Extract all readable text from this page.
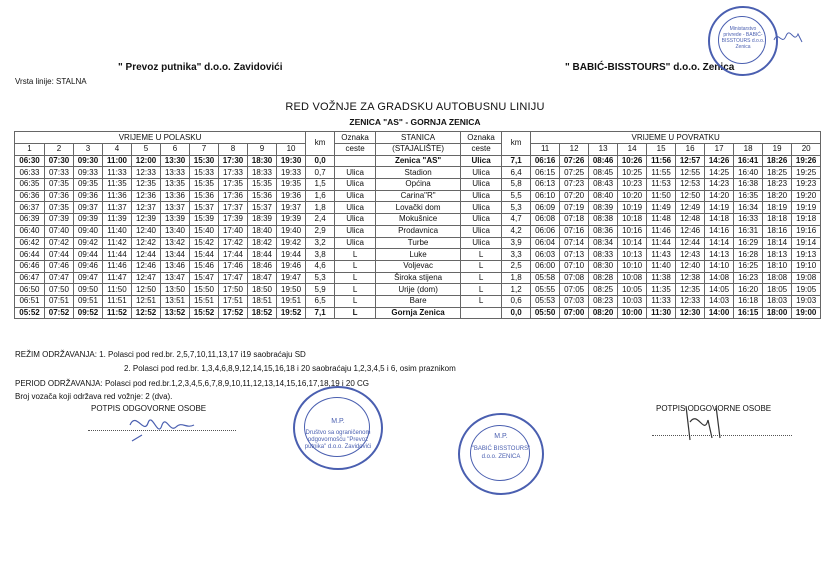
" Prevoz putnika" d.o.o. Zavidovići	" BABIĆ-BISSTOURS" d.o.o. Zenica
Vrsta linije: STALNA
RED VOŽNJE ZA GRADSKU AUTOBUSNU LINIJU
ZENICA "AS" - GORNJA ZENICA
VRIJEME U POLASKU										km	Oznaka	STANICA	Oznaka	km	VRIJEME U POVRATKU									
1	2	3	4	5	6	7	8	9	10		ceste	(STAJALIŠTE)	ceste		11	12	13	14	15	16	17	18	19	20
06:30	07:30	09:30	11:00	12:00	13:30	15:30	17:30	18:30	19:30	0,0		Zenica "AS"	Ulica	7,1	06:16	07:26	08:46	10:26	11:56	12:57	14:26	16:41	18:26	19:26
06:33	07:33	09:33	11:33	12:33	13:33	15:33	17:33	18:33	19:33	0,7	Ulica	Stadion	Ulica	6,4	06:15	07:25	08:45	10:25	11:55	12:55	14:25	16:40	18:25	19:25
06:35	07:35	09:35	11:35	12:35	13:35	15:35	17:35	15:35	19:35	1,5	Ulica	Općina	Ulica	5,8	06:13	07:23	08:43	10:23	11:53	12:53	14:23	16:38	18:23	19:23
06:36	07:36	09:36	11:36	12:36	13:36	15:36	17:36	15:36	19:36	1,6	Ulica	Carina"R"	Ulica	5,5	06:10	07:20	08:40	10:20	11:50	12:50	14:20	16:35	18:20	19:20
06:37	07:35	09:37	11:37	12:37	13:37	15:37	17:37	15:37	19:37	1,8	Ulica	Lovački dom	Ulica	5,3	06:09	07:19	08:39	10:19	11:49	12:49	14:19	16:34	18:19	19:19
06:39	07:39	09:39	11:39	12:39	13:39	15:39	17:39	18:39	19:39	2,4	Ulica	Mokušnice	Ulica	4,7	06:08	07:18	08:38	10:18	11:48	12:48	14:18	16:33	18:18	19:18
06:40	07:40	09:40	11:40	12:40	13:40	15:40	17:40	18:40	19:40	2,9	Ulica	Prodavnica	Ulica	4,2	06:06	07:16	08:36	10:16	11:46	12:46	14:16	16:31	18:16	19:16
06:42	07:42	09:42	11:42	12:42	13:42	15:42	17:42	18:42	19:42	3,2	Ulica	Turbe	Ulica	3,9	06:04	07:14	08:34	10:14	11:44	12:44	14:14	16:29	18:14	19:14
06:44	07:44	09:44	11:44	12:44	13:44	15:44	17:44	18:44	19:44	3,8	L	Luke	L	3,3	06:03	07:13	08:33	10:13	11:43	12:43	14:13	16:28	18:13	19:13
06:46	07:46	09:46	11:46	12:46	13:46	15:46	17:46	18:46	19:46	4,6	L	Voljevac	L	2,5	06:00	07:10	08:30	10:10	11:40	12:40	14:10	16:25	18:10	19:10
06:47	07:47	09:47	11:47	12:47	13:47	15:47	17:47	18:47	19:47	5,3	L	Široka stijena	L	1,8	05:58	07:08	08:28	10:08	11:38	12:38	14:08	16:23	18:08	19:08
06:50	07:50	09:50	11:50	12:50	13:50	15:50	17:50	18:50	19:50	5,9	L	Urije (dom)	L	1,2	05:55	07:05	08:25	10:05	11:35	12:35	14:05	16:20	18:05	19:05
06:51	07:51	09:51	11:51	12:51	13:51	15:51	17:51	18:51	19:51	6,5	L	Bare	L	0,6	05:53	07:03	08:23	10:03	11:33	12:33	14:03	16:18	18:03	19:03
05:52	07:52	09:52	11:52	12:52	13:52	15:52	17:52	18:52	19:52	7,1	L	Gornja Zenica		0,0	05:50	07:00	08:20	10:00	11:30	12:30	14:00	16:15	18:00	19:00
REŽIM ODRŽAVANJA: 1. Polasci pod red.br. 2,5,7,10,11,13,17 i19 saobraćaju SD
2. Polasci pod red.br. 1,3,4,6,8,9,12,14,15,16,18 i 20 saobraćaju 1,2,3,4,5 i 6, osim praznikom
PERIOD ODRŽAVANJA: Polasci pod red.br.1,2,3,4,5,6,7,8,9,10,11,12,13,14,15,16,17,18,19 i 20 CG
Broj vozača koji održava red vožnje: 2 (dva).
POTPIS ODGOVORNE OSOBE	POTPIS ODGOVORNE OSOBE
M.P.
Društvo sa ograničenom odgovornošću "Prevoz putnika" d.o.o. Zavidovići
M.P.
"BABIĆ BISSTOURS" d.o.o. ZENICA
Ministarstvo privrede - BABIĆ-BISSTOURS d.o.o. Zenica
